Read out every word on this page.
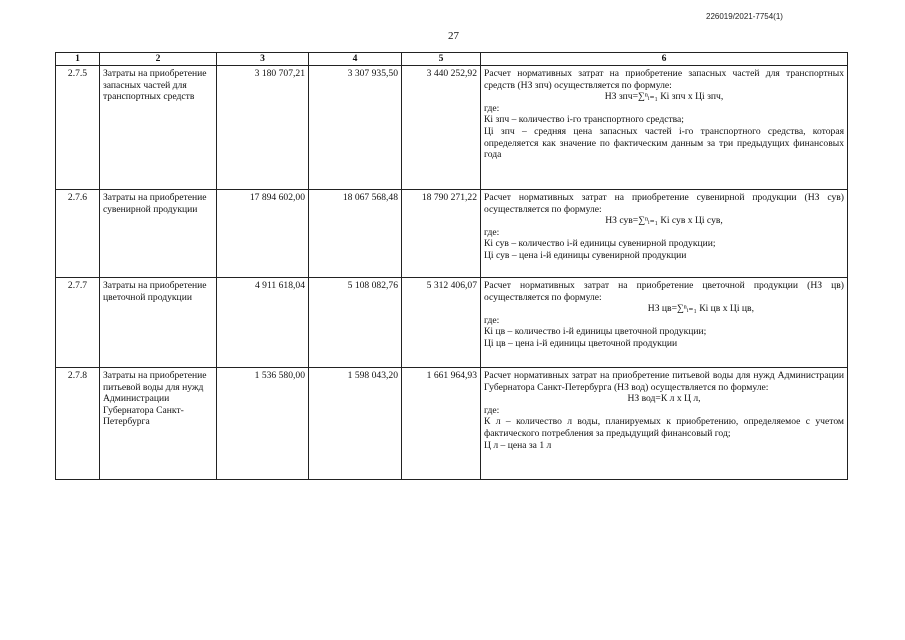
226019/2021-7754(1)
27
1	2	3	4	5	6
2.7.5	Затраты на приобретение запасных частей для транспортных средств	3 180 707,21	3 307 935,50	3 440 252,92	Расчет нормативных затрат на приобретение запасных частей для транспортных средств (НЗ зпч) осуществляется по формуле:
НЗ зпч=∑ⁿᵢ₌₁ Кі зпч х Ці зпч,
где:
Кі зпч – количество i-го транспортного средства;
Ці зпч – средняя цена запасных частей i-го транспортного средства, которая определяется как значение по фактическим данным за три предыдущих финансовых года

2.7.6	Затраты на приобретение сувенирной продукции	17 894 602,00	18 067 568,48	18 790 271,22	Расчет нормативных затрат на приобретение сувенирной продукции (НЗ сув) осуществляется по формуле:
НЗ сув=∑ⁿᵢ₌₁ Кі сув х Ці сув,
где:
Кі сув – количество i-й единицы сувенирной продукции;
Ці сув – цена i-й единицы сувенирной продукции

2.7.7	Затраты на приобретение цветочной продукции	4 911 618,04	5 108 082,76	5 312 406,07	Расчет нормативных затрат на приобретение цветочной продукции (НЗ цв) осуществляется по формуле:
НЗ цв=∑ⁿᵢ₌₁ Кі цв х Ці цв,
где:
Кі цв – количество i-й единицы цветочной продукции;
Ці цв – цена i-й единицы цветочной продукции

2.7.8	Затраты на приобретение питьевой воды для нужд Администрации Губернатора Санкт-Петербурга	1 536 580,00	1 598 043,20	1 661 964,93	Расчет нормативных затрат на приобретение питьевой воды для нужд Администрации Губернатора Санкт-Петербурга (НЗ вод) осуществляется по формуле:
НЗ вод=К л х Ц л,
где:
К л – количество л воды, планируемых к приобретению, определяемое с учетом фактического потребления за предыдущий финансовый год;
Ц л – цена за 1 л
